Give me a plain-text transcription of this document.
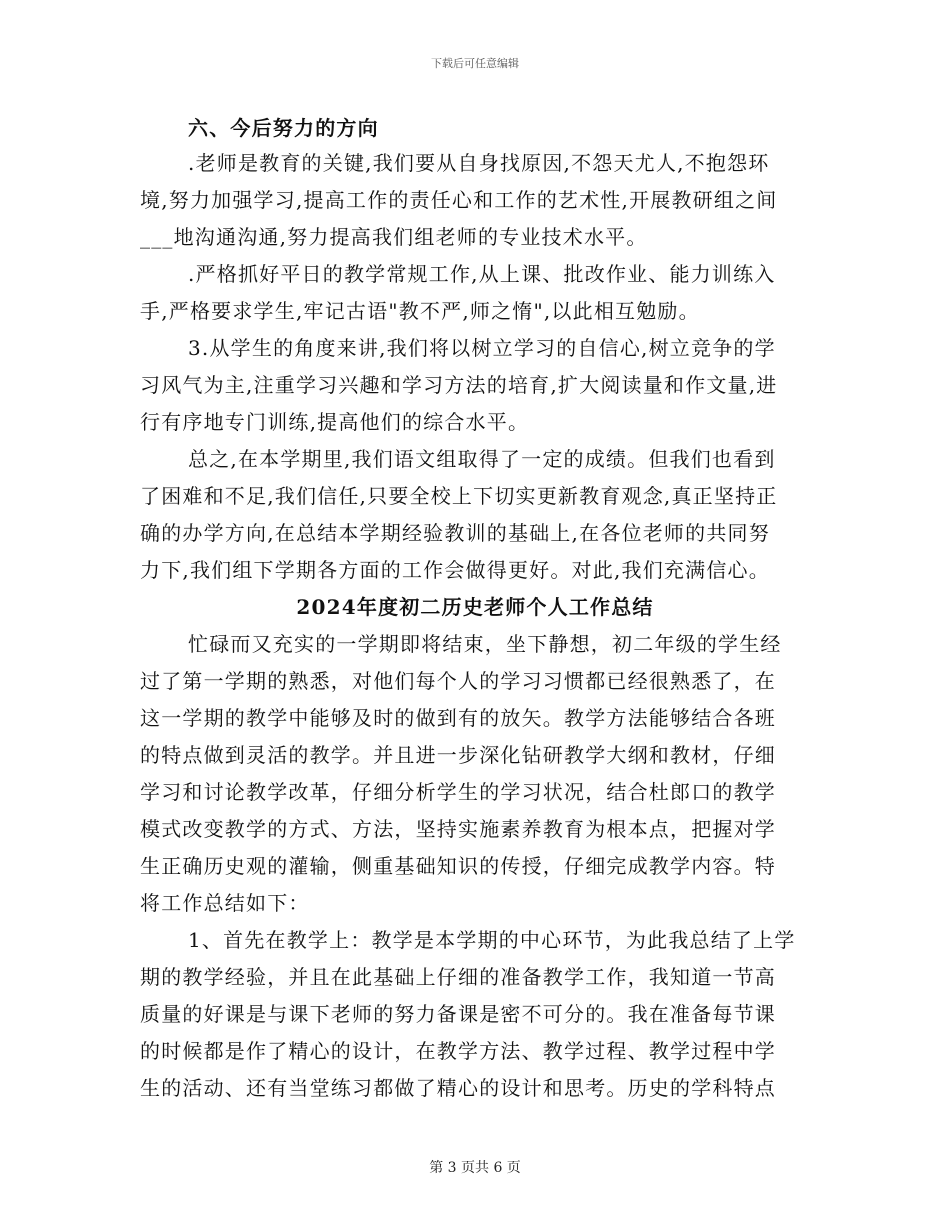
下载后可任意编辑
六、今后努力的方向
.老师是教育的关键,我们要从自身找原因,不怨天尤人,不抱怨环
境,努力加强学习,提高工作的责任心和工作的艺术性,开展教研组之间
___地沟通沟通,努力提高我们组老师的专业技术水平。
.严格抓好平日的教学常规工作,从上课、批改作业、能力训练入
手,严格要求学生,牢记古语"教不严,师之惰",以此相互勉励。
3.从学生的角度来讲,我们将以树立学习的自信心,树立竞争的学
习风气为主,注重学习兴趣和学习方法的培育,扩大阅读量和作文量,进
行有序地专门训练,提高他们的综合水平。
总之,在本学期里,我们语文组取得了一定的成绩。但我们也看到
了困难和不足,我们信任,只要全校上下切实更新教育观念,真正坚持正
确的办学方向,在总结本学期经验教训的基础上,在各位老师的共同努
力下,我们组下学期各方面的工作会做得更好。对此,我们充满信心。
2024年度初二历史老师个人工作总结
忙碌而又充实的一学期即将结束，坐下静想，初二年级的学生经
过了第一学期的熟悉，对他们每个人的学习习惯都已经很熟悉了，在
这一学期的教学中能够及时的做到有的放矢。教学方法能够结合各班
的特点做到灵活的教学。并且进一步深化钻研教学大纲和教材，仔细
学习和讨论教学改革，仔细分析学生的学习状况，结合杜郎口的教学
模式改变教学的方式、方法，坚持实施素养教育为根本点，把握对学
生正确历史观的灌输，侧重基础知识的传授，仔细完成教学内容。特
将工作总结如下：
1、首先在教学上：教学是本学期的中心环节，为此我总结了上学
期的教学经验，并且在此基础上仔细的准备教学工作，我知道一节高
质量的好课是与课下老师的努力备课是密不可分的。我在准备每节课
的时候都是作了精心的设计，在教学方法、教学过程、教学过程中学
生的活动、还有当堂练习都做了精心的设计和思考。历史的学科特点
第 3 页共 6 页
